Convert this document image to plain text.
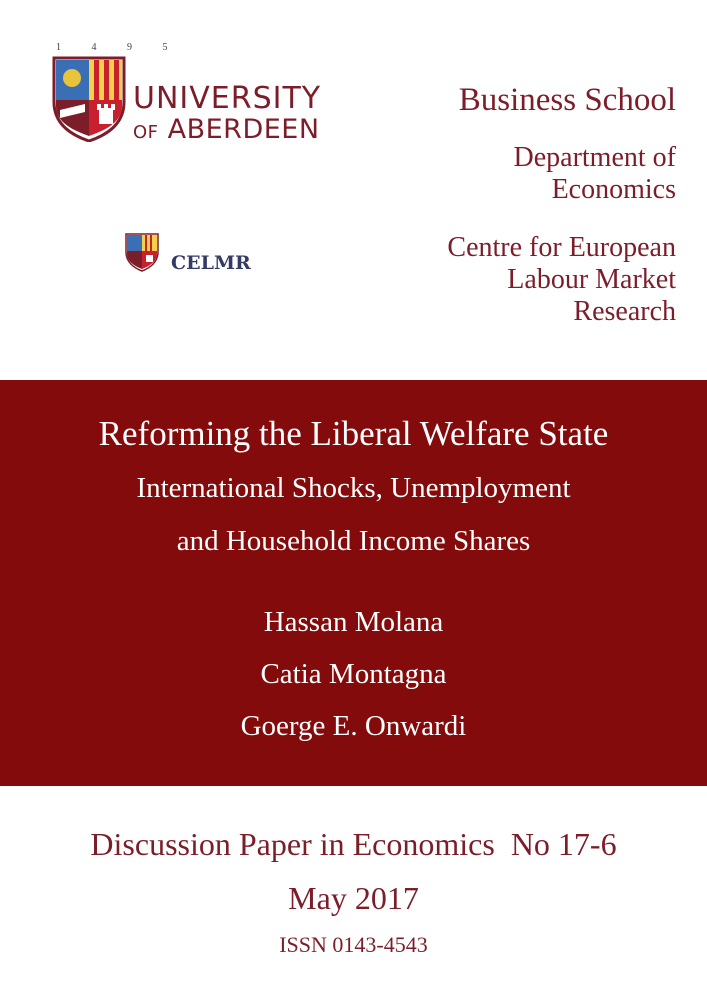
1 4 9 5
UNIVERSITY
OF ABERDEEN
CELMR
Business School
Department of
Economics
Centre for European
Labour Market
Research
Reforming the Liberal Welfare State
International Shocks, Unemployment
and Household Income Shares
Hassan Molana
Catia Montagna
Goerge E. Onwardi
Discussion Paper in Economics  No 17-6
May 2017
ISSN 0143-4543
